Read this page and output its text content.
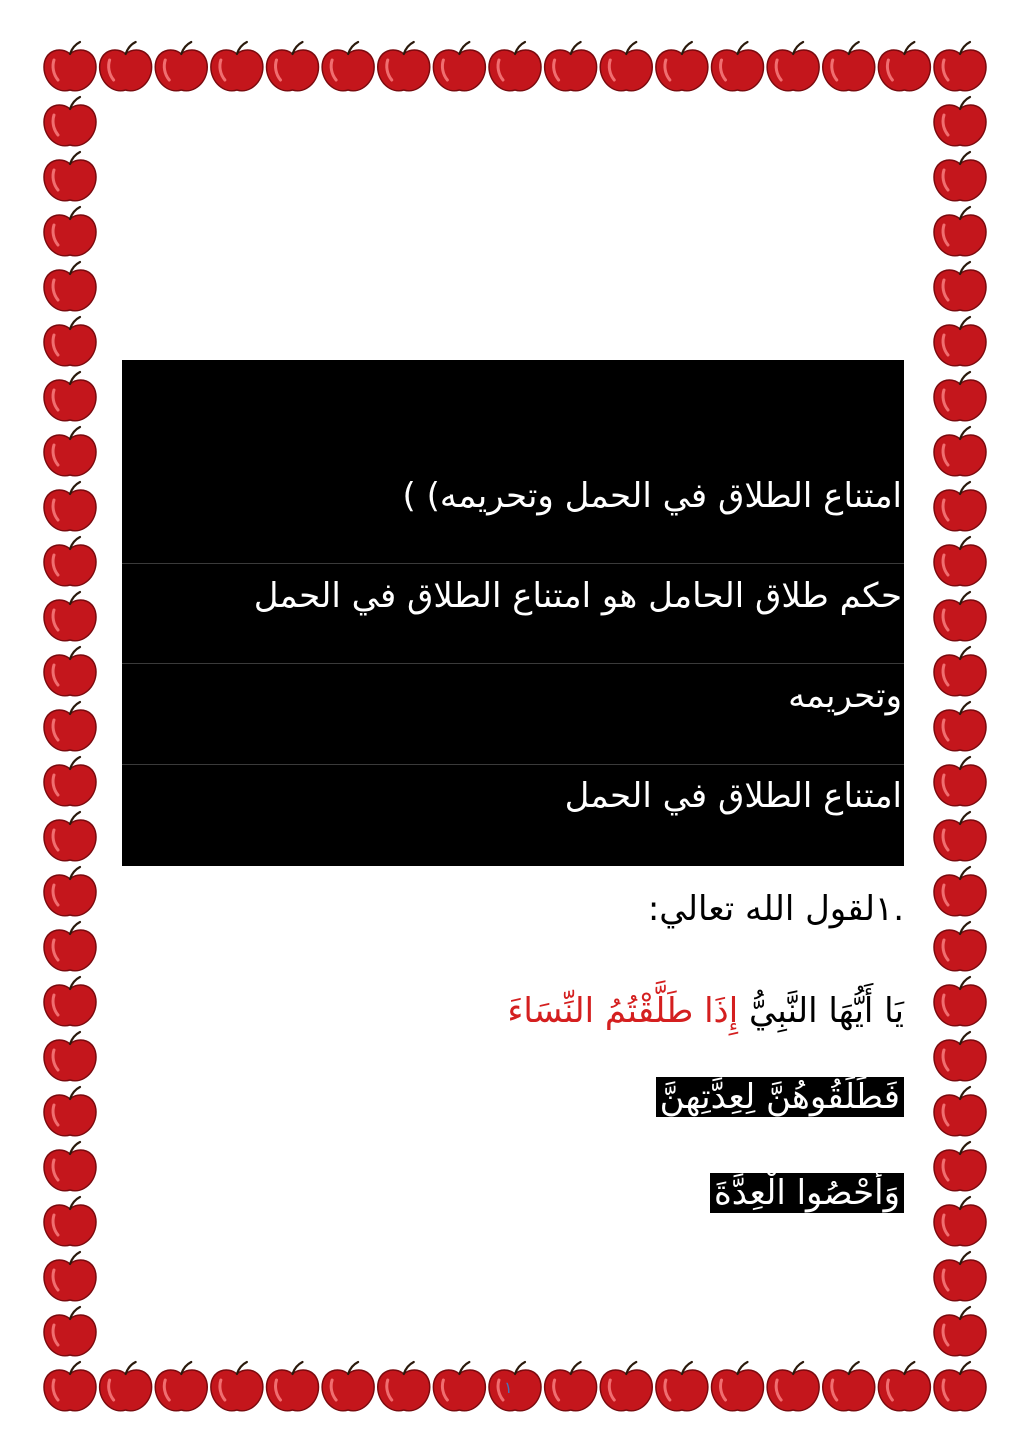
امتناع الطلاق في الحمل وتحريمه) )
حكم طلاق الحامل هو امتناع الطلاق في الحمل
وتحريمه
امتناع الطلاق في الحمل
.١لقول الله تعالي:
يَا أَيُّهَا النَّبِيُّ إِذَا طَلَّقْتُمُ النِّسَاءَ
فَطَلِّقُوهُنَّ لِعِدَّتِهِنَّ
وَأَحْصُوا الْعِدَّةَ
١
